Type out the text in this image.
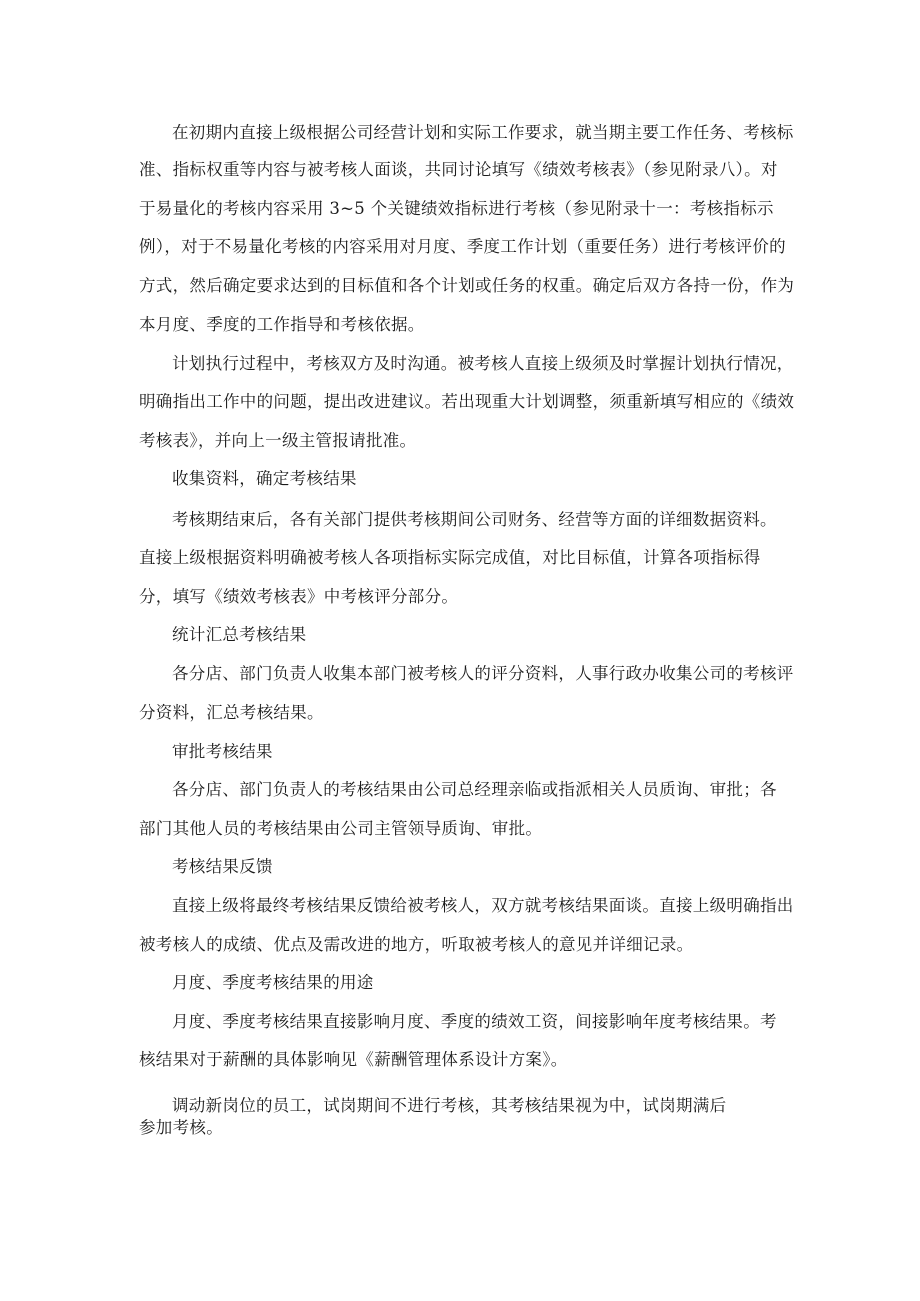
在初期内直接上级根据公司经营计划和实际工作要求，就当期主要工作任务、考核标
准、指标权重等内容与被考核人面谈，共同讨论填写《绩效考核表》（参见附录八）。对
于易量化的考核内容采用 3~5 个关键绩效指标进行考核（参见附录十一：考核指标示
例），对于不易量化考核的内容采用对月度、季度工作计划（重要任务）进行考核评价的
方式，然后确定要求达到的目标值和各个计划或任务的权重。确定后双方各持一份，作为
本月度、季度的工作指导和考核依据。
计划执行过程中，考核双方及时沟通。被考核人直接上级须及时掌握计划执行情况，
明确指出工作中的问题，提出改进建议。若出现重大计划调整，须重新填写相应的《绩效
考核表》，并向上一级主管报请批准。
收集资料，确定考核结果
考核期结束后，各有关部门提供考核期间公司财务、经营等方面的详细数据资料。
直接上级根据资料明确被考核人各项指标实际完成值，对比目标值，计算各项指标得
分，填写《绩效考核表》中考核评分部分。
统计汇总考核结果
各分店、部门负责人收集本部门被考核人的评分资料，人事行政办收集公司的考核评
分资料，汇总考核结果。
审批考核结果
各分店、部门负责人的考核结果由公司总经理亲临或指派相关人员质询、审批；各
部门其他人员的考核结果由公司主管领导质询、审批。
考核结果反馈
直接上级将最终考核结果反馈给被考核人，双方就考核结果面谈。直接上级明确指出
被考核人的成绩、优点及需改进的地方，听取被考核人的意见并详细记录。
月度、季度考核结果的用途
月度、季度考核结果直接影响月度、季度的绩效工资，间接影响年度考核结果。考
核结果对于薪酬的具体影响见《薪酬管理体系设计方案》。
调动新岗位的员工，试岗期间不进行考核，其考核结果视为中，试岗期满后
参加考核。
